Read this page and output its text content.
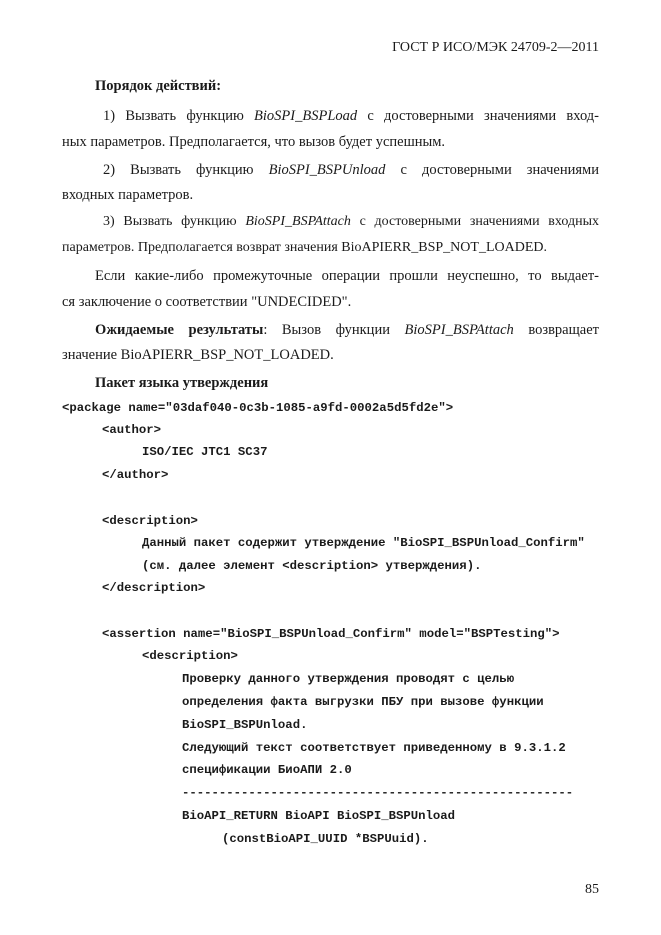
ГОСТ Р ИСО/МЭК 24709-2—2011
Порядок действий:
1) Вызвать функцию BioSPI_BSPLoad с достоверными значениями вход-
ных параметров. Предполагается, что вызов будет успешным.
2) Вызвать функцию BioSPI_BSPUnload с достоверными значениями
входных параметров.
3) Вызвать функцию BioSPI_BSPAttach с достоверными значениями входных
параметров. Предполагается возврат значения BioAPIERR_BSP_NOT_LOADED.
Если какие-либо промежуточные операции прошли неуспешно, то выдает-
ся заключение о соответствии "UNDECIDED".
Ожидаемые результаты: Вызов функции BioSPI_BSPAttach возвращает
значение BioAPIERR_BSP_NOT_LOADED.
Пакет языка утверждения
<package name="03daf040-0c3b-1085-a9fd-0002a5d5fd2e">
<author>
ISO/IEC JTC1 SC37
</author>
<description>
Данный пакет содержит утверждение "BioSPI_BSPUnload_Confirm"
(см. далее элемент <description> утверждения).
</description>
<assertion name="BioSPI_BSPUnload_Confirm" model="BSPTesting">
<description>
Проверку данного утверждения проводят с целью
определения факта выгрузки ПБУ при вызове функции
BioSPI_BSPUnload.
Следующий текст соответствует приведенному в 9.3.1.2
спецификации БиоАПИ 2.0
-----------------------------------------------------
BioAPI_RETURN BioAPI BioSPI_BSPUnload
(constBioAPI_UUID *BSPUuid).
85
